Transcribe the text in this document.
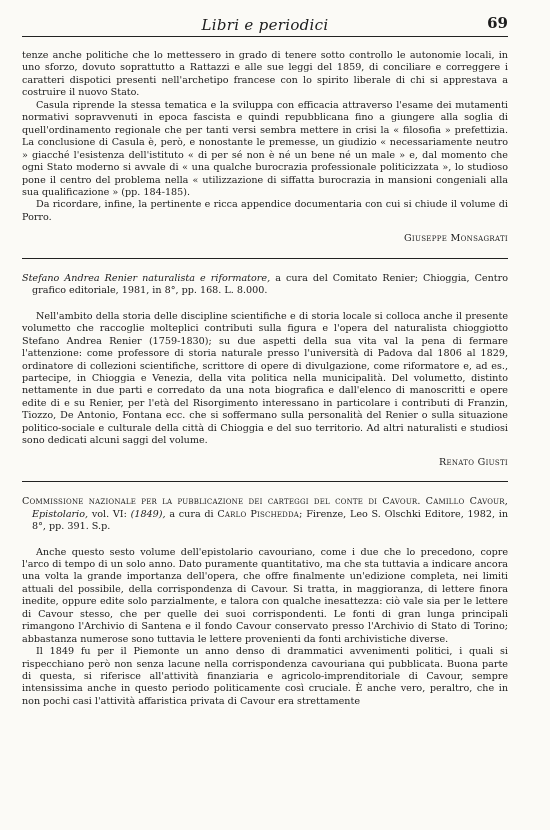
Libri e periodici	69

tenze anche politiche che lo mettessero in grado di tenere sotto controllo le autonomie locali, in uno sforzo, dovuto soprattutto a Rattazzi e alle sue leggi del 1859, di conciliare e correggere i caratteri dispotici presenti nell'archetipo francese con lo spirito liberale di chi si apprestava a costruire il nuovo Stato.

Casula riprende la stessa tematica e la sviluppa con efficacia attraverso l'esame dei mutamenti normativi sopravvenuti in epoca fascista e quindi repubblicana fino a giungere alla soglia di quell'ordinamento regionale che per tanti versi sembra mettere in crisi la « filosofia » prefettizia. La conclusione di Casula è, però, e nonostante le premesse, un giudizio « necessariamente neutro » giacché l'esistenza dell'istituto « di per sé non è né un bene né un male » e, dal momento che ogni Stato moderno si avvale di « una qualche burocrazia professionale politicizzata », lo studioso pone il centro del problema nella « utilizzazione di siffatta burocrazia in mansioni congeniali alla sua qualificazione » (pp. 184-185).

Da ricordare, infine, la pertinente e ricca appendice documentaria con cui si chiude il volume di Porro.

Giuseppe Monsagrati

Stefano Andrea Renier naturalista e riformatore, a cura del Comitato Renier; Chioggia, Centro grafico editoriale, 1981, in 8°, pp. 168. L. 8.000.

Nell'ambito della storia delle discipline scientifiche e di storia locale si colloca anche il presente volumetto che raccoglie molteplici contributi sulla figura e l'opera del naturalista chioggiotto Stefano Andrea Renier (1759-1830); su due aspetti della sua vita val la pena di fermare l'attenzione: come professore di storia naturale presso l'università di Padova dal 1806 al 1829, ordinatore di collezioni scientifiche, scrittore di opere di divulgazione, come riformatore e, ad es., partecipe, in Chioggia e Venezia, della vita politica nella municipalità. Del volumetto, distinto nettamente in due parti e corredato da una nota biografica e dall'elenco di manoscritti e opere edite di e su Renier, per l'età del Risorgimento interessano in particolare i contributi di Franzin, Tiozzo, De Antonio, Fontana ecc. che si soffermano sulla personalità del Renier o sulla situazione politico-sociale e culturale della città di Chioggia e del suo territorio. Ad altri naturalisti e studiosi sono dedicati alcuni saggi del volume.

Renato Giusti

Commissione nazionale per la pubblicazione dei carteggi del conte di Cavour. Camillo Cavour, Epistolario, vol. VI: (1849), a cura di Carlo Pischedda; Firenze, Leo S. Olschki Editore, 1982, in 8°, pp. 391. S.p.

Anche questo sesto volume dell'epistolario cavouriano, come i due che lo precedono, copre l'arco di tempo di un solo anno. Dato puramente quantitativo, ma che sta tuttavia a indicare ancora una volta la grande importanza dell'opera, che offre finalmente un'edizione completa, nei limiti attuali del possibile, della corrispondenza di Cavour. Si tratta, in maggioranza, di lettere finora inedite, oppure edite solo parzialmente, e talora con qualche inesattezza: ciò vale sia per le lettere di Cavour stesso, che per quelle dei suoi corrispondenti. Le fonti di gran lunga principali rimangono l'Archivio di Santena e il fondo Cavour conservato presso l'Archivio di Stato di Torino; abbastanza numerose sono tuttavia le lettere provenienti da fonti archivistiche diverse.

Il 1849 fu per il Piemonte un anno denso di drammatici avvenimenti politici, i quali si rispecchiano però non senza lacune nella corrispondenza cavouriana qui pubblicata. Buona parte di questa, si riferisce all'attività finanziaria e agricolo-imprenditoriale di Cavour, sempre intensissima anche in questo periodo politicamente così cruciale. È anche vero, peraltro, che in non pochi casi l'attività affaristica privata di Cavour era strettamente
